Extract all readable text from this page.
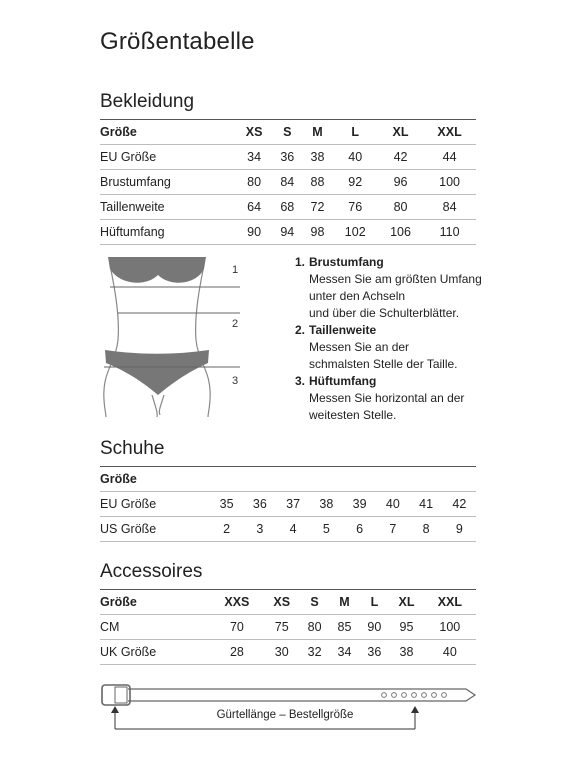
Größentabelle
Bekleidung
Größe	XS	S	M	L	XL	XXL
EU Größe	34	36	38	40	42	44
Brustumfang	80	84	88	92	96	100
Taillenweite	64	68	72	76	80	84
Hüftumfang	90	94	98	102	106	110
1
2
3
1. Brustumfang
Messen Sie am größten Umfang
unter den Achseln
und über die Schulterblätter.
2. Taillenweite
Messen Sie an der
schmalsten Stelle der Taille.
3. Hüftumfang
Messen Sie horizontal an der
weitesten Stelle.
Schuhe
Größe								
EU Größe	35	36	37	38	39	40	41	42
US Größe	2	3	4	5	6	7	8	9
Accessoires
Größe	XXS	XS	S	M	L	XL	XXL
CM	70	75	80	85	90	95	100
UK Größe	28	30	32	34	36	38	40
Gürtellänge – Bestellgröße
